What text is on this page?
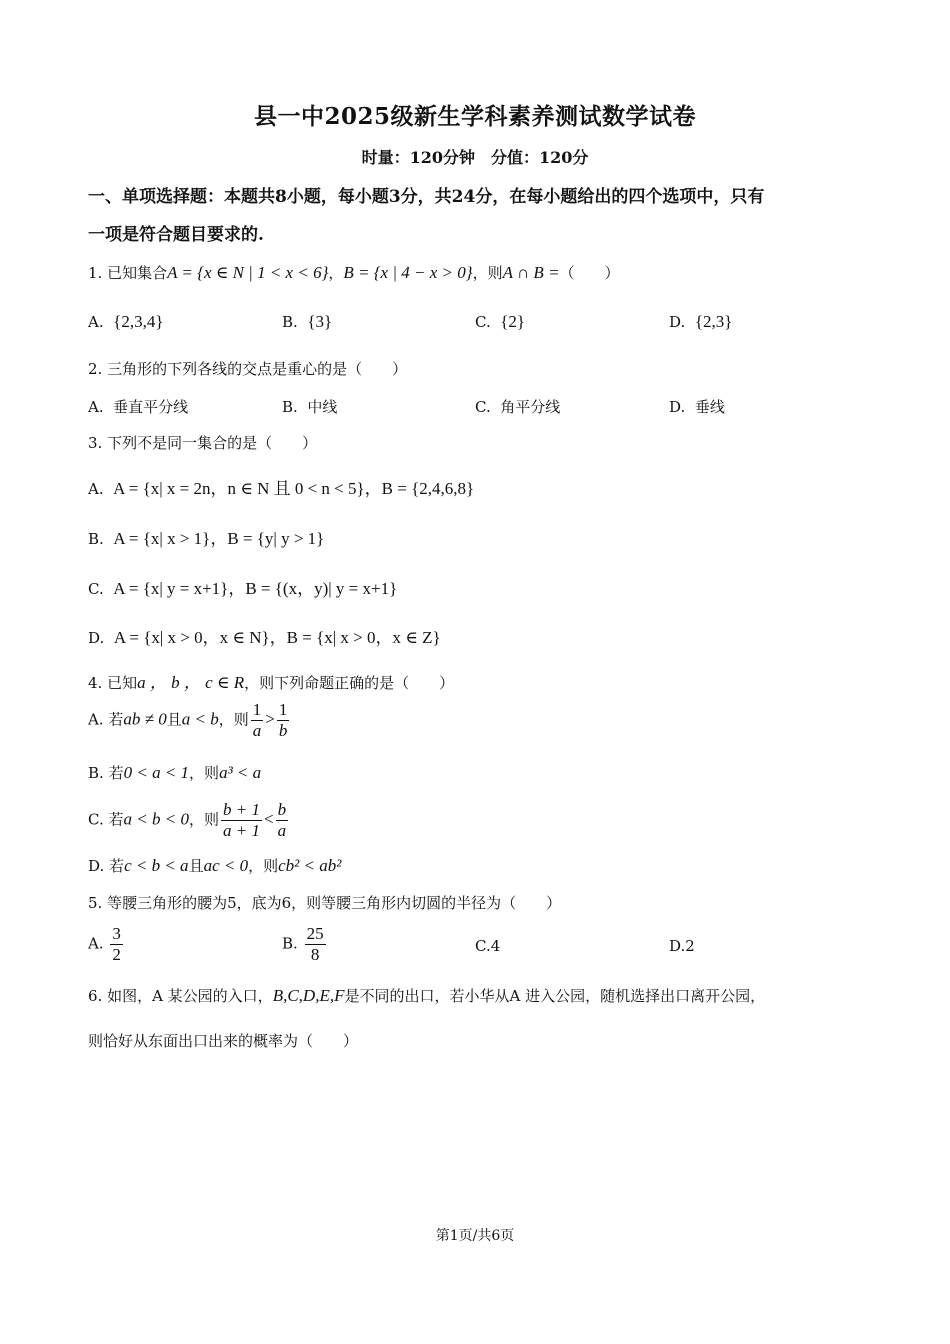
县一中2025级新生学科素养测试数学试卷
时量：120分钟　分值：120分
一、单项选择题：本题共8小题，每小题3分，共24分，在每小题给出的四个选项中，只有
一项是符合题目要求的.
1. 已知集合A = {x ∈ N | 1 < x < 6}，B = {x | 4 − x > 0}，则A ∩ B =（　　）
A. {2,3,4}	B. {3}	C. {2}	D. {2,3}
2. 三角形的下列各线的交点是重心的是（　　）
A. 垂直平分线	B. 中线	C. 角平分线	D. 垂线
3. 下列不是同一集合的是（　　）
A. A = {x| x = 2n，n ∈ N 且 0 < n < 5}，B = {2,4,6,8}
B. A = {x| x > 1}，B = {y| y > 1}
C. A = {x| y = x+1}，B = {(x，y)| y = x+1}
D. A = {x| x > 0，x ∈ N}，B = {x| x > 0，x ∈ Z}
4. 已知a ， b ， c ∈ R，则下列命题正确的是（　　）
A. 若ab ≠ 0且a < b，则 $\frac{1}{a} > \frac{1}{b}$
B. 若0 < a < 1，则a³ < a
C. 若a < b < 0，则 $\frac{b + 1}{a + 1} < \frac{b}{a}$
D. 若c < b < a且ac < 0，则cb² < ab²
5. 等腰三角形的腰为5，底为6，则等腰三角形内切圆的半径为（　　）
A. $\frac{3}{2}$	B. $\frac{25}{8}$	C.4	D.2
6. 如图，A 某公园的入口，B,C,D,E,F是不同的出口，若小华从A 进入公园，随机选择出口离开公园，
则恰好从东面出口出来的概率为（　　）
第1页/共6页
